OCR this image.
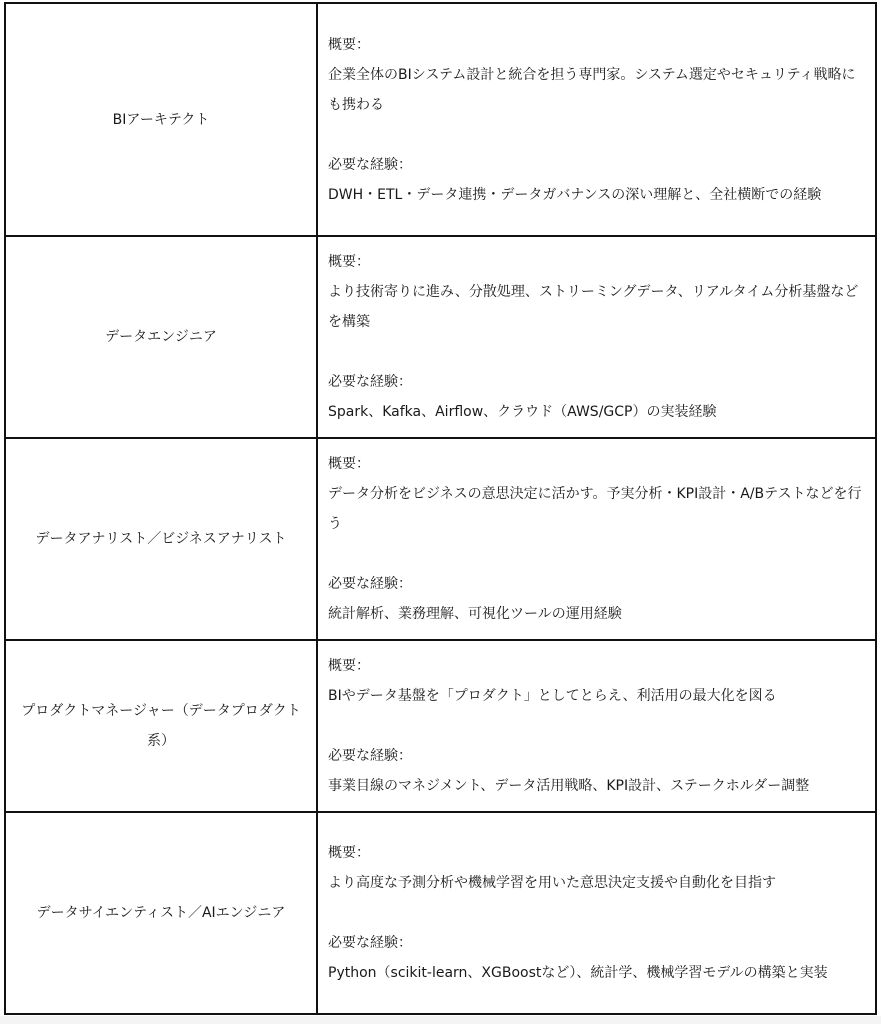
BIアーキテクト	概要：
企業全体のBIシステム設計と統合を担う専門家。システム選定やセキュリティ戦略にも携わる
必要な経験：
DWH・ETL・データ連携・データガバナンスの深い理解と、全社横断での経験

データエンジニア	概要：
より技術寄りに進み、分散処理、ストリーミングデータ、リアルタイム分析基盤などを構築
必要な経験：
Spark、Kafka、Airflow、クラウド（AWS/GCP）の実装経験

データアナリスト／ビジネスアナリスト	概要：
データ分析をビジネスの意思決定に活かす。予実分析・KPI設計・A/Bテストなどを行う
必要な経験：
統計解析、業務理解、可視化ツールの運用経験

プロダクトマネージャー（データプロダクト系）	概要：
BIやデータ基盤を「プロダクト」としてとらえ、利活用の最大化を図る
必要な経験：
事業目線のマネジメント、データ活用戦略、KPI設計、ステークホルダー調整

データサイエンティスト／AIエンジニア	概要：
より高度な予測分析や機械学習を用いた意思決定支援や自動化を目指す
必要な経験：
Python（scikit-learn、XGBoostなど）、統計学、機械学習モデルの構築と実装
